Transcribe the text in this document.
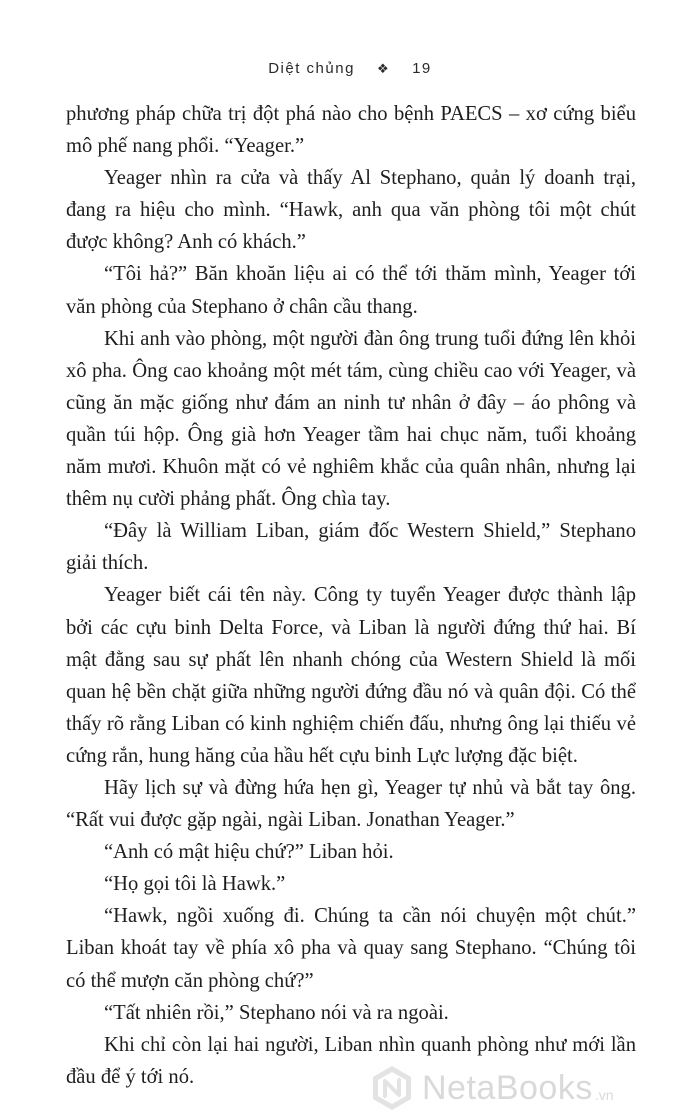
Diệt chủng ❖ 19

phương pháp chữa trị đột phá nào cho bệnh PAECS – xơ cứng biểu mô phế nang phổi. “Yeager.”

Yeager nhìn ra cửa và thấy Al Stephano, quản lý doanh trại, đang ra hiệu cho mình. “Hawk, anh qua văn phòng tôi một chút được không? Anh có khách.”

“Tôi hả?” Băn khoăn liệu ai có thể tới thăm mình, Yeager tới văn phòng của Stephano ở chân cầu thang.

Khi anh vào phòng, một người đàn ông trung tuổi đứng lên khỏi xô pha. Ông cao khoảng một mét tám, cùng chiều cao với Yeager, và cũng ăn mặc giống như đám an ninh tư nhân ở đây – áo phông và quần túi hộp. Ông già hơn Yeager tầm hai chục năm, tuổi khoảng năm mươi. Khuôn mặt có vẻ nghiêm khắc của quân nhân, nhưng lại thêm nụ cười phảng phất. Ông chìa tay.

“Đây là William Liban, giám đốc Western Shield,” Stephano giải thích.

Yeager biết cái tên này. Công ty tuyển Yeager được thành lập bởi các cựu binh Delta Force, và Liban là người đứng thứ hai. Bí mật đằng sau sự phất lên nhanh chóng của Western Shield là mối quan hệ bền chặt giữa những người đứng đầu nó và quân đội. Có thể thấy rõ rằng Liban có kinh nghiệm chiến đấu, nhưng ông lại thiếu vẻ cứng rắn, hung hăng của hầu hết cựu binh Lực lượng đặc biệt.

Hãy lịch sự và đừng hứa hẹn gì, Yeager tự nhủ và bắt tay ông. “Rất vui được gặp ngài, ngài Liban. Jonathan Yeager.”

“Anh có mật hiệu chứ?” Liban hỏi.

“Họ gọi tôi là Hawk.”

“Hawk, ngồi xuống đi. Chúng ta cần nói chuyện một chút.” Liban khoát tay về phía xô pha và quay sang Stephano. “Chúng tôi có thể mượn căn phòng chứ?”

“Tất nhiên rồi,” Stephano nói và ra ngoài.

Khi chỉ còn lại hai người, Liban nhìn quanh phòng như mới lần đầu để ý tới nó.	NetaBooks .vn
